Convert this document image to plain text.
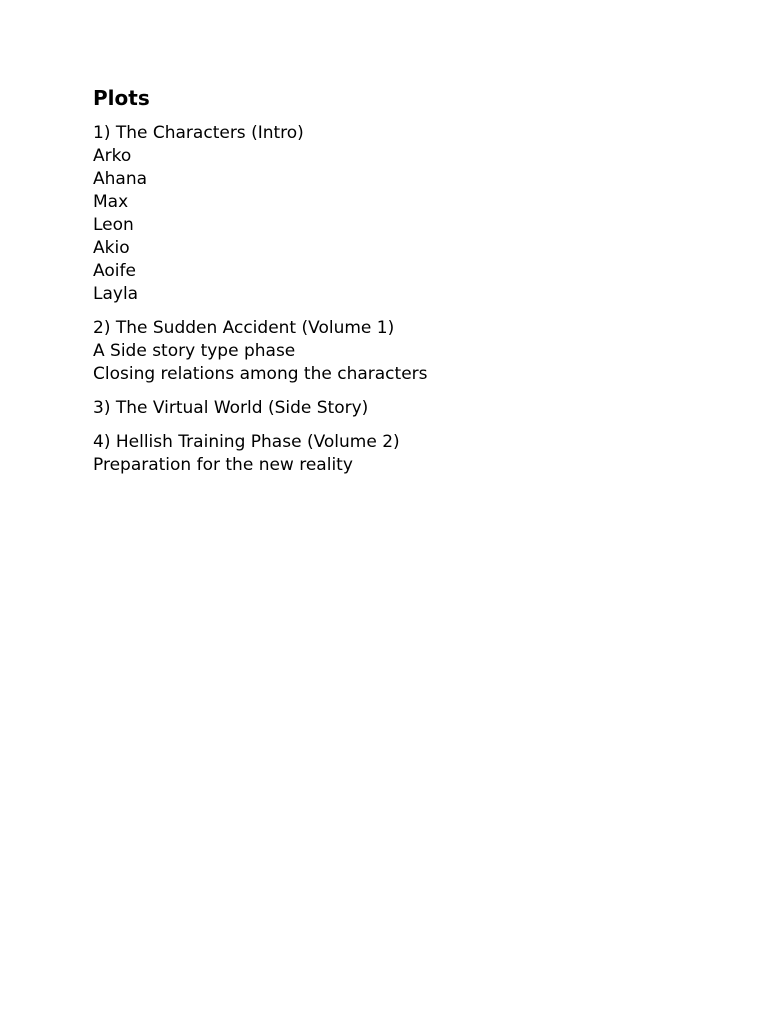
Plots
1) The Characters (Intro)
Arko
Ahana
Max
Leon
Akio
Aoife
Layla
2) The Sudden Accident (Volume 1)
A Side story type phase
Closing relations among the characters
3) The Virtual World (Side Story)
4) Hellish Training Phase (Volume 2)
Preparation for the new reality
